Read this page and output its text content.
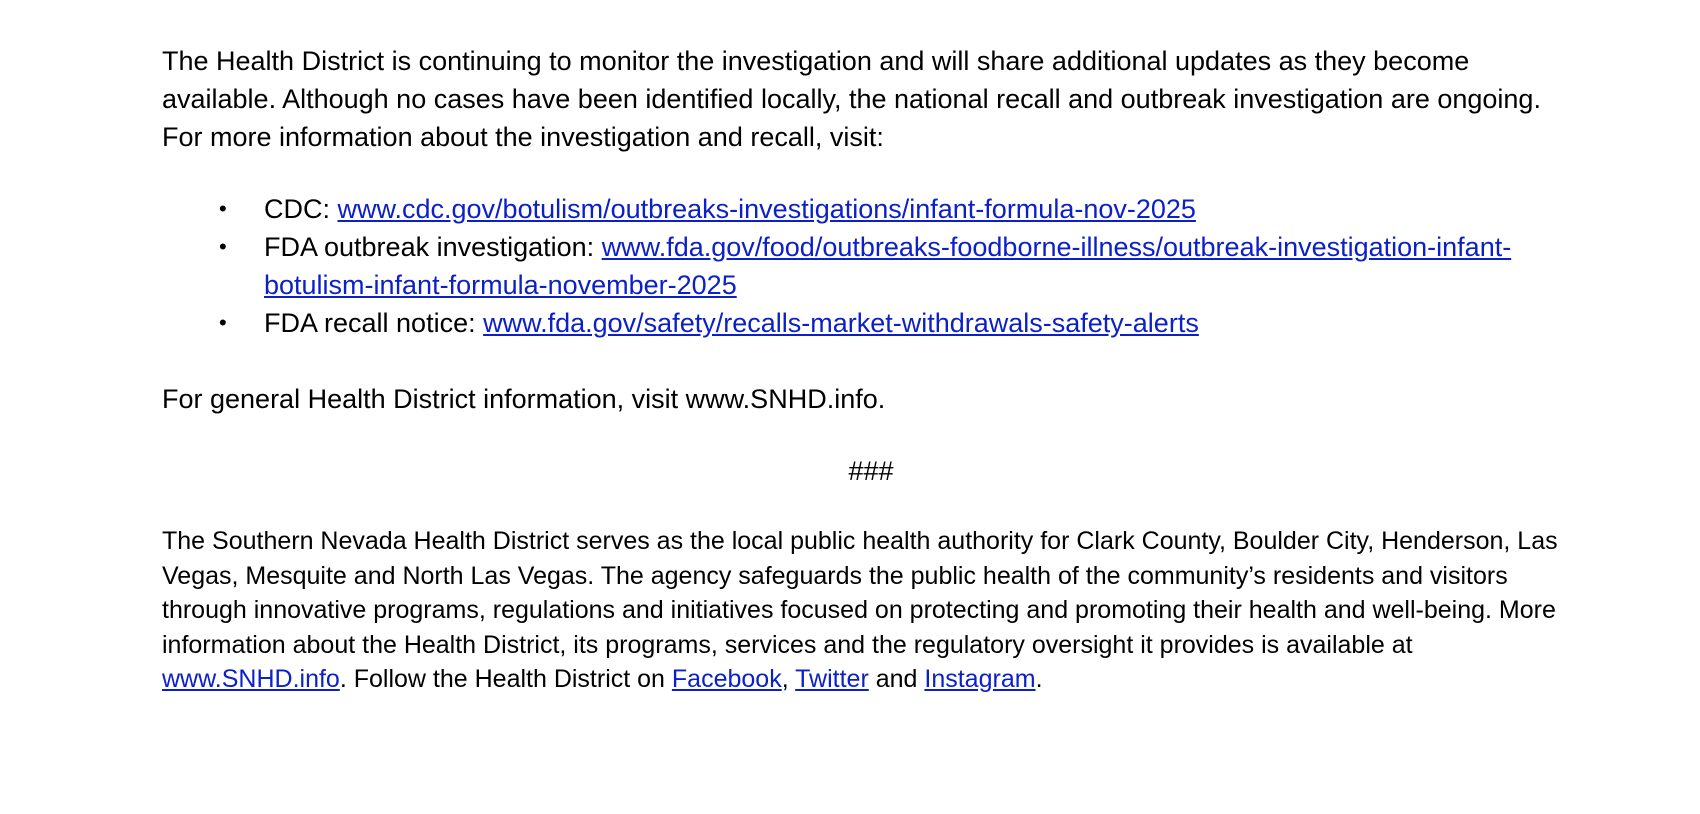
The Health District is continuing to monitor the investigation and will share additional updates as they become available. Although no cases have been identified locally, the national recall and outbreak investigation are ongoing.

For more information about the investigation and recall, visit:

• CDC: www.cdc.gov/botulism/outbreaks-investigations/infant-formula-nov-2025
• FDA outbreak investigation: www.fda.gov/food/outbreaks-foodborne-illness/outbreak-investigation-infant-botulism-infant-formula-november-2025
• FDA recall notice: www.fda.gov/safety/recalls-market-withdrawals-safety-alerts

For general Health District information, visit www.SNHD.info.

###

The Southern Nevada Health District serves as the local public health authority for Clark County, Boulder City, Henderson, Las Vegas, Mesquite and North Las Vegas. The agency safeguards the public health of the community’s residents and visitors through innovative programs, regulations and initiatives focused on protecting and promoting their health and well-being. More information about the Health District, its programs, services and the regulatory oversight it provides is available at www.SNHD.info. Follow the Health District on Facebook, Twitter and Instagram.
